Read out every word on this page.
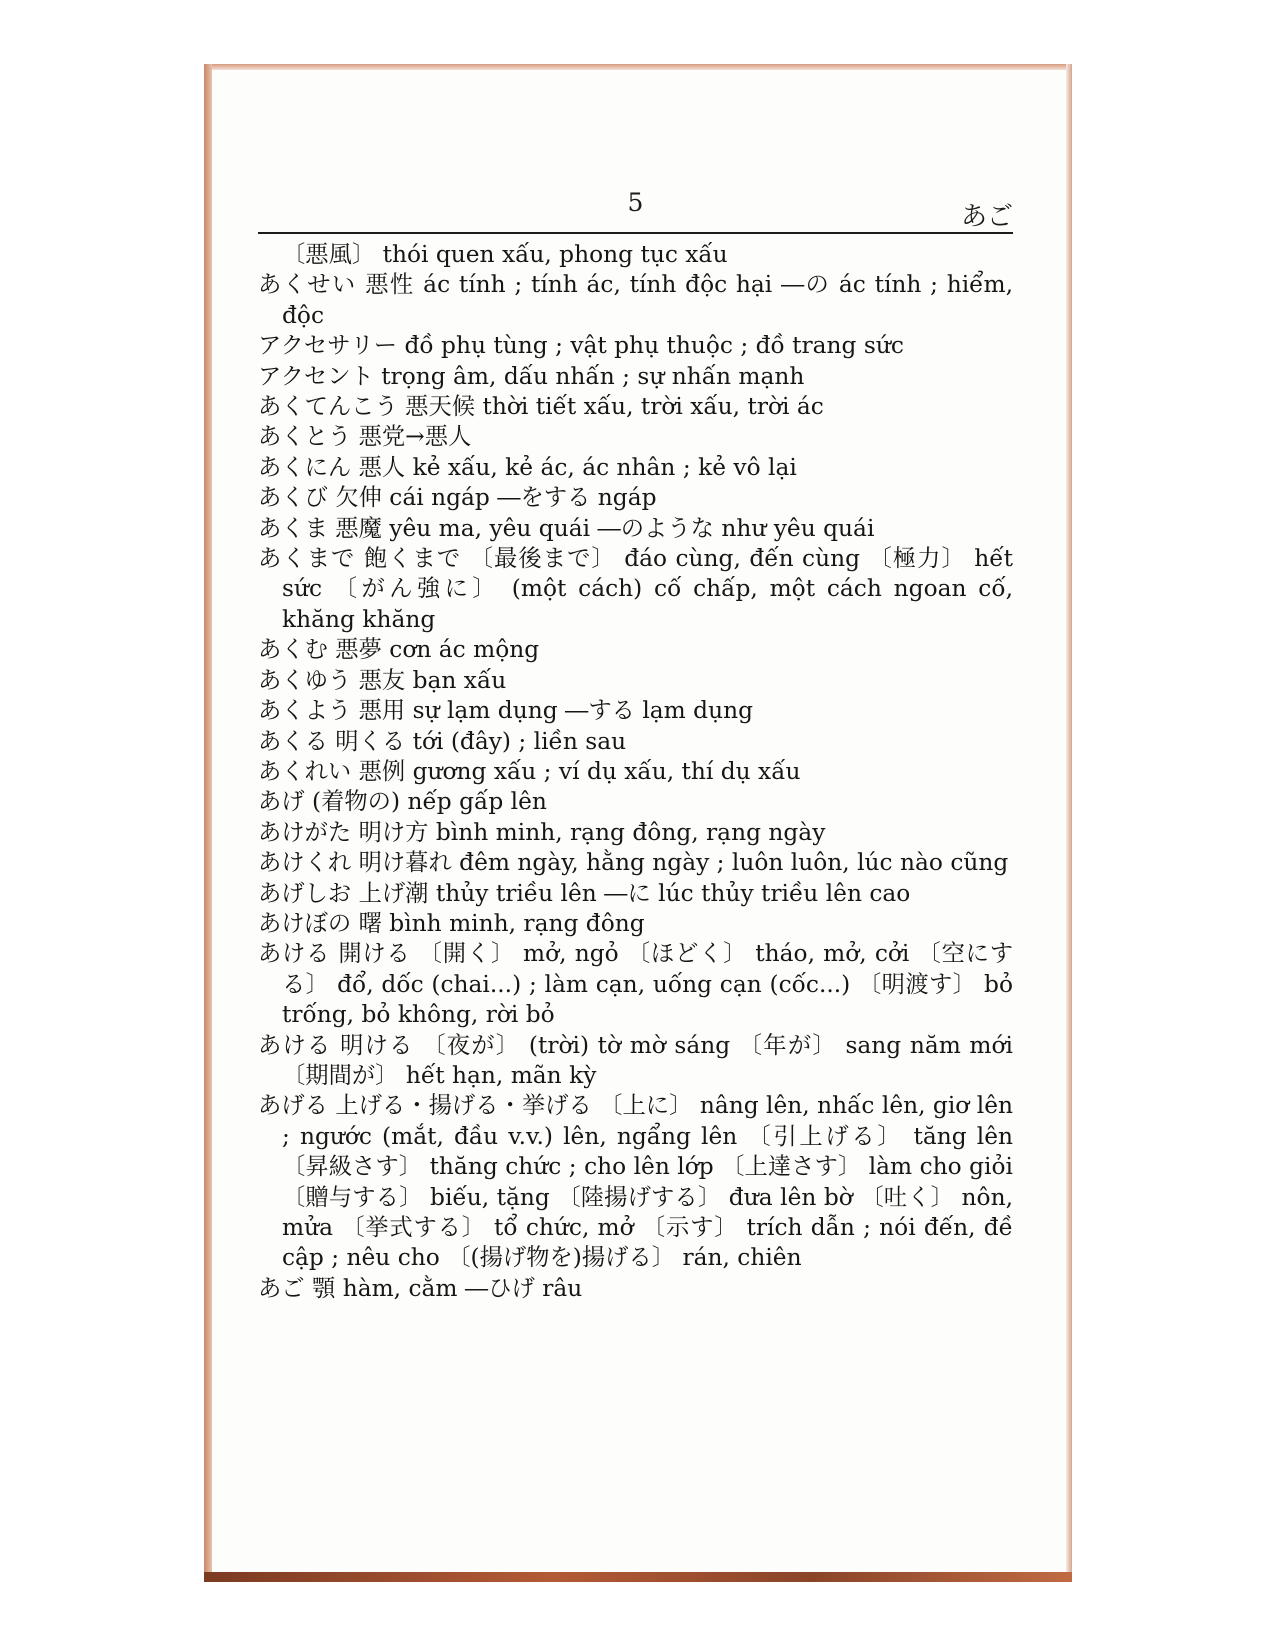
5	あご

〔悪風〕 thói quen xấu, phong tục xấu

あくせい 悪性 ác tính ; tính ác, tính độc hại ―の ác tính ; hiểm, độc

アクセサリー đồ phụ tùng ; vật phụ thuộc ; đồ trang sức

アクセント trọng âm, dấu nhấn ; sự nhấn mạnh

あくてんこう 悪天候 thời tiết xấu, trời xấu, trời ác

あくとう 悪党→悪人

あくにん 悪人 kẻ xấu, kẻ ác, ác nhân ; kẻ vô lại

あくび 欠伸 cái ngáp ―をする ngáp

あくま 悪魔 yêu ma, yêu quái ―のような như yêu quái

あくまで 飽くまで 〔最後まで〕 đáo cùng, đến cùng 〔極力〕 hết sức 〔がん強に〕 (một cách) cố chấp, một cách ngoan cố, khăng khăng

あくむ 悪夢 cơn ác mộng

あくゆう 悪友 bạn xấu

あくよう 悪用 sự lạm dụng ―する lạm dụng

あくる 明くる tới (đây) ; liền sau

あくれい 悪例 gương xấu ; ví dụ xấu, thí dụ xấu

あげ (着物の) nếp gấp lên

あけがた 明け方 bình minh, rạng đông, rạng ngày

あけくれ 明け暮れ đêm ngày, hằng ngày ; luôn luôn, lúc nào cũng

あげしお 上げ潮 thủy triều lên ―に lúc thủy triều lên cao

あけぼの 曙 bình minh, rạng đông

あける 開ける 〔開く〕 mở, ngỏ 〔ほどく〕 tháo, mở, cởi 〔空にする〕 đổ, dốc (chai...) ; làm cạn, uống cạn (cốc...) 〔明渡す〕 bỏ trống, bỏ không, rời bỏ

あける 明ける 〔夜が〕 (trời) tờ mờ sáng 〔年が〕 sang năm mới 〔期間が〕 hết hạn, mãn kỳ

あげる 上げる・揚げる・挙げる 〔上に〕 nâng lên, nhấc lên, giơ lên ; ngước (mắt, đầu v.v.) lên, ngẩng lên 〔引上げる〕 tăng lên 〔昇級さす〕 thăng chức ; cho lên lớp 〔上達さす〕 làm cho giỏi 〔贈与する〕 biếu, tặng 〔陸揚げする〕 đưa lên bờ 〔吐く〕 nôn, mửa 〔挙式する〕 tổ chức, mở 〔示す〕 trích dẫn ; nói đến, đề cập ; nêu cho 〔(揚げ物を)揚げる〕 rán, chiên

あご 顎 hàm, cằm ―ひげ râu
